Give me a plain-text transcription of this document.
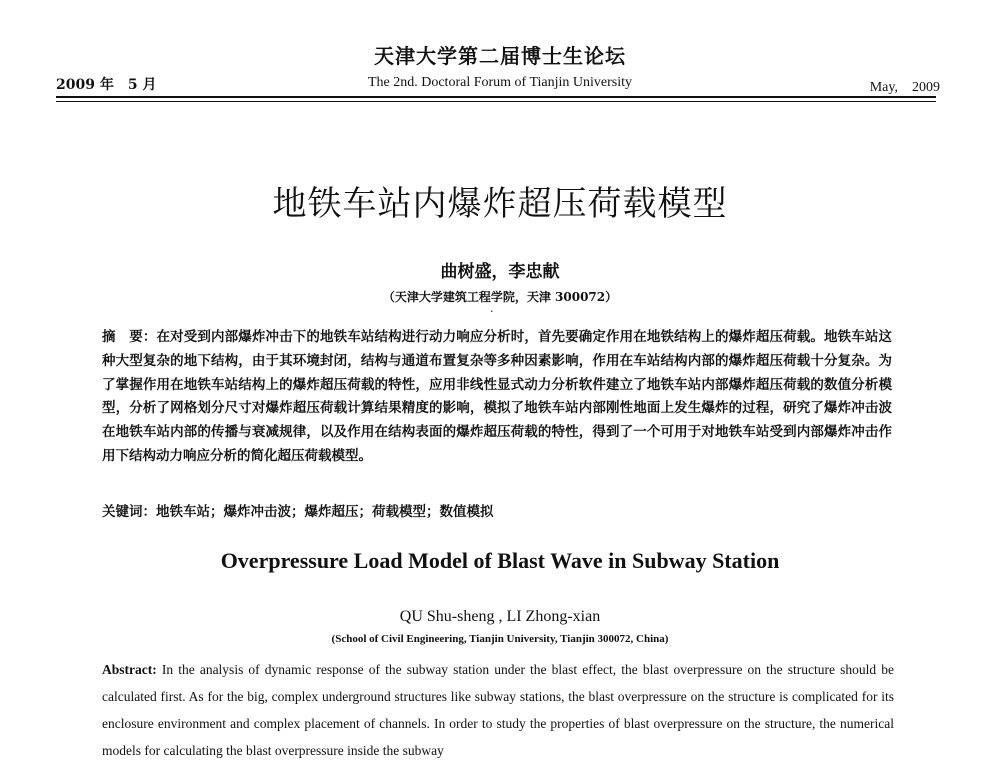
天津大学第二届博士生论坛
2009 年　5 月	The 2nd. Doctoral Forum of Tianjin University	May,　2009
地铁车站内爆炸超压荷载模型
曲树盛，李忠献
（天津大学建筑工程学院，天津 300072）
·
摘　要：在对受到内部爆炸冲击下的地铁车站结构进行动力响应分析时，首先要确定作用在地铁结构上的爆炸超压荷载。地铁车站这种大型复杂的地下结构，由于其环境封闭，结构与通道布置复杂等多种因素影响，作用在车站结构内部的爆炸超压荷载十分复杂。为了掌握作用在地铁车站结构上的爆炸超压荷载的特性，应用非线性显式动力分析软件建立了地铁车站内部爆炸超压荷载的数值分析模型，分析了网格划分尺寸对爆炸超压荷载计算结果精度的影响，模拟了地铁车站内部刚性地面上发生爆炸的过程，研究了爆炸冲击波在地铁车站内部的传播与衰减规律，以及作用在结构表面的爆炸超压荷载的特性，得到了一个可用于对地铁车站受到内部爆炸冲击作用下结构动力响应分析的简化超压荷载模型。
关键词：地铁车站；爆炸冲击波；爆炸超压；荷载模型；数值模拟
Overpressure Load Model of Blast Wave in Subway Station
QU Shu-sheng , LI Zhong-xian
(School of Civil Engineering, Tianjin University, Tianjin 300072, China)
Abstract: In the analysis of dynamic response of the subway station under the blast effect, the blast overpressure on the structure should be calculated first. As for the big, complex underground structures like subway stations, the blast overpressure on the structure is complicated for its enclosure environment and complex placement of channels. In order to study the properties of blast overpressure on the structure, the numerical models for calculating the blast overpressure inside the subway
